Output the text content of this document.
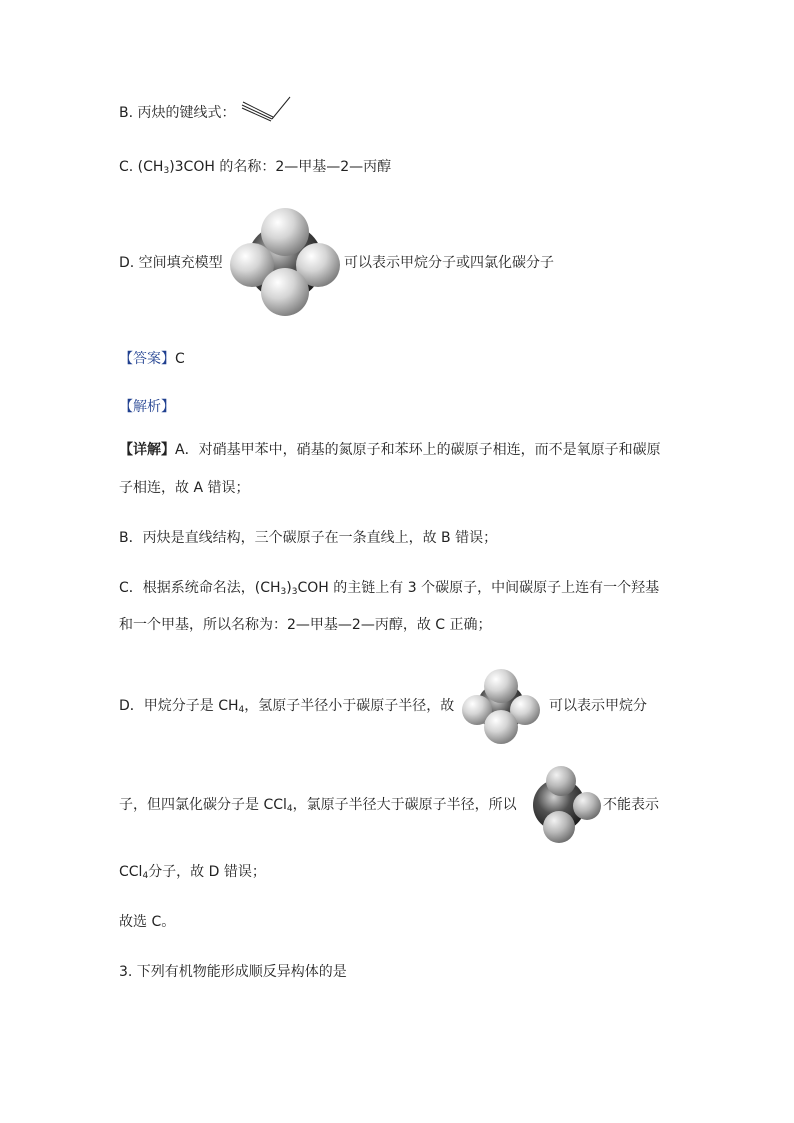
B. 丙炔的键线式：
C. $(CH_3)3COH$ 的名称：2—甲基—2—丙醇
D. 空间填充模型	可以表示甲烷分子或四氯化碳分子
【答案】C
【解析】
【详解】A．对硝基甲苯中，硝基的氮原子和苯环上的碳原子相连，而不是氧原子和碳原
子相连，故 A 错误；
B．丙炔是直线结构，三个碳原子在一条直线上，故 B 错误；
C．根据系统命名法，$(CH_3)_3COH$ 的主链上有 3 个碳原子，中间碳原子上连有一个羟基
和一个甲基，所以名称为：2—甲基—2—丙醇，故 C 正确；
D．甲烷分子是 $CH_4$，氢原子半径小于碳原子半径，故	可以表示甲烷分
子，但四氯化碳分子是 CCl$_4$，氯原子半径大于碳原子半径，所以	不能表示
CCl$_4$分子，故 D 错误；
故选 C。
3. 下列有机物能形成顺反异构体的是
